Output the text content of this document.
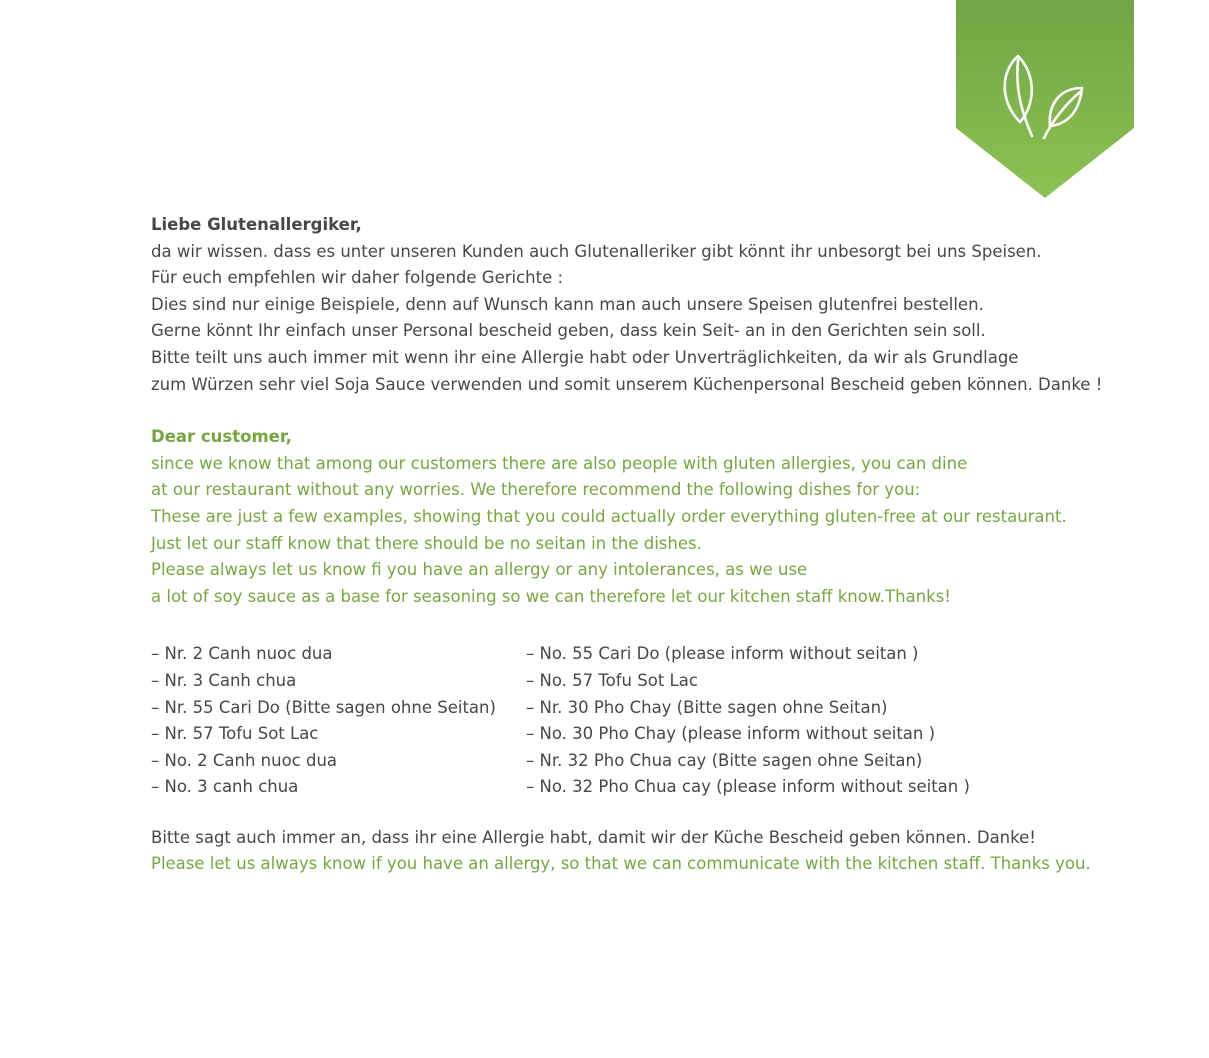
Liebe Glutenallergiker,
da wir wissen. dass es unter unseren Kunden auch Glutenalleriker gibt könnt ihr unbesorgt bei uns Speisen.
Für euch empfehlen wir daher folgende Gerichte :
Dies sind nur einige Beispiele, denn auf Wunsch kann man auch unsere Speisen glutenfrei bestellen.
Gerne könnt Ihr einfach unser Personal bescheid geben, dass kein Seit- an in den Gerichten sein soll.
Bitte teilt uns auch immer mit wenn ihr eine Allergie habt oder Unverträglichkeiten, da wir als Grundlage
zum Würzen sehr viel Soja Sauce verwenden und somit unserem Küchenpersonal Bescheid geben können. Danke !
Dear customer,
since we know that among our customers there are also people with gluten allergies, you can dine
at our restaurant without any worries. We therefore recommend the following dishes for you:
These are just a few examples, showing that you could actually order everything gluten-free at our restaurant.
Just let our staff know that there should be no seitan in the dishes.
Please always let us know fi you have an allergy or any intolerances, as we use
a lot of soy sauce as a base for seasoning so we can therefore let our kitchen staff know.Thanks!
– Nr. 2 Canh nuoc dua
– Nr. 3 Canh chua
– Nr. 55 Cari Do (Bitte sagen ohne Seitan)
– Nr. 57 Tofu Sot Lac
– No. 2 Canh nuoc dua
– No. 3 canh chua
– No. 55 Cari Do (please inform without seitan )
– No. 57 Tofu Sot Lac
– Nr. 30 Pho Chay (Bitte sagen ohne Seitan)
– No. 30 Pho Chay (please inform without seitan )
– Nr. 32 Pho Chua cay (Bitte sagen ohne Seitan)
– No. 32 Pho Chua cay (please inform without seitan )
Bitte sagt auch immer an, dass ihr eine Allergie habt, damit wir der Küche Bescheid geben können. Danke!
Please let us always know if you have an allergy, so that we can communicate with the kitchen staff. Thanks you.
